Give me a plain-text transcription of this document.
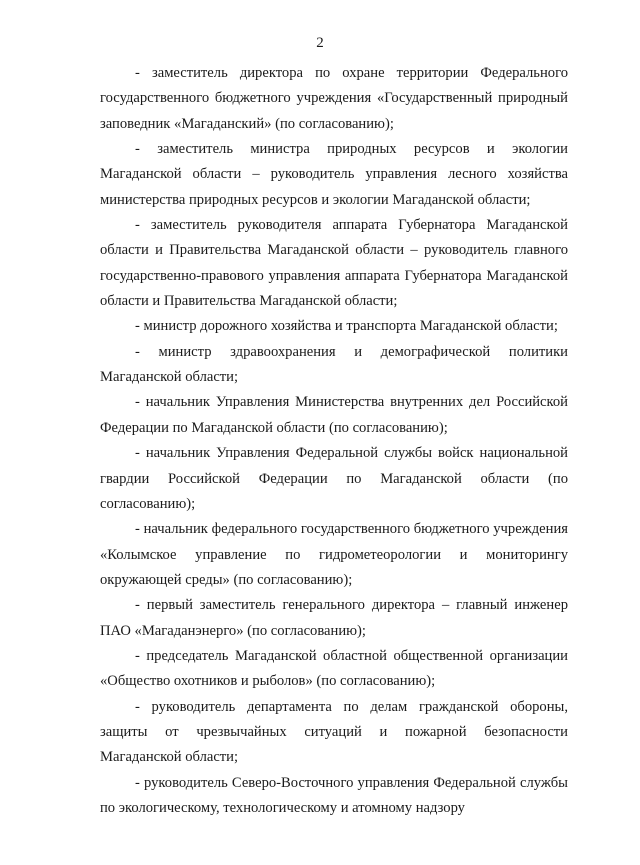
2

- заместитель директора по охране территории Федерального государственного бюджетного учреждения «Государственный природный заповедник «Магаданский» (по согласованию);

- заместитель министра природных ресурсов и экологии Магаданской области – руководитель управления лесного хозяйства министерства природных ресурсов и экологии Магаданской области;

- заместитель руководителя аппарата Губернатора Магаданской области и Правительства Магаданской области – руководитель главного государственно-правового управления аппарата Губернатора Магаданской области и Правительства Магаданской области;

- министр дорожного хозяйства и транспорта Магаданской области;

- министр здравоохранения и демографической политики Магаданской области;

- начальник Управления Министерства внутренних дел Российской Федерации по Магаданской области (по согласованию);

- начальник Управления Федеральной службы войск национальной гвардии Российской Федерации по Магаданской области (по согласованию);

- начальник федерального государственного бюджетного учреждения «Колымское управление по гидрометеорологии и мониторингу окружающей среды» (по согласованию);

- первый заместитель генерального директора – главный инженер ПАО «Магаданэнерго» (по согласованию);

- председатель Магаданской областной общественной организации «Общество охотников и рыболов» (по согласованию);

- руководитель департамента по делам гражданской обороны, защиты от чрезвычайных ситуаций и пожарной безопасности Магаданской области;

- руководитель Северо-Восточного управления Федеральной службы по экологическому, технологическому и атомному надзору
